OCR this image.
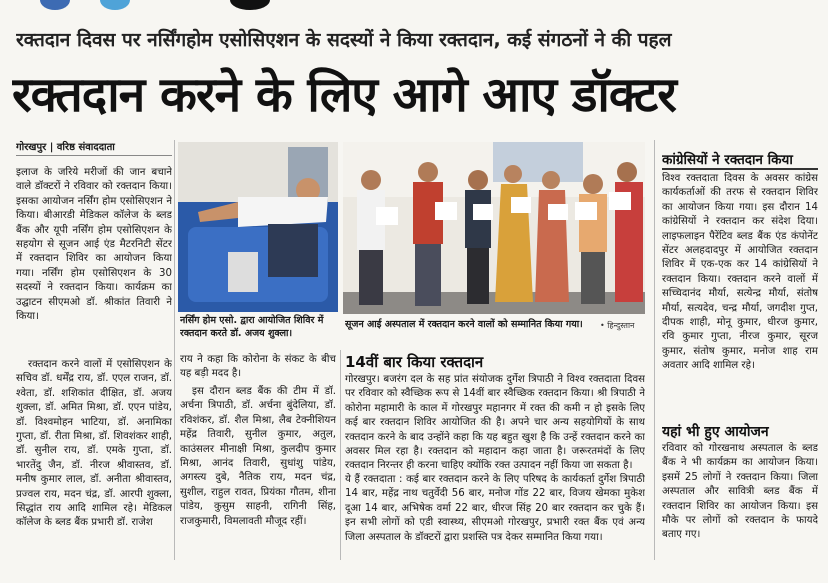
रक्तदान दिवस पर नर्सिंगहोम एसोसिएशन के सदस्यों ने किया रक्तदान, कई संगठनों ने की पहल
रक्तदान करने के लिए आगे आए डॉक्टर
गोरखपुर | वरिष्ठ संवाददाता
इलाज के जरिये मरीजों की जान बचाने वाले डॉक्टरों ने रविवार को रक्तदान किया। इसका आयोजन नर्सिंग होम एसोसिएशन ने किया। बीआरडी मेडिकल कॉलेज के ब्लड बैंक और यूपी नर्सिंग होम एसोसिएशन के सहयोग से सूजन आई एंड मैटरनिटी सेंटर में रक्तदान शिविर का आयोजन किया गया। नर्सिंग होम एसोसिएशन के 30 सदस्यों ने रक्तदान किया। कार्यक्रम का उद्घाटन सीएमओ डॉ. श्रीकांत तिवारी ने किया।
रक्तदान करने वालों में एसोसिएशन के सचिव डॉ. धर्मेंद्र राय, डॉ. एएल राजन, डॉ. श्वेता, डॉ. शशिकांत दीक्षित, डॉ. अजय शुक्ला, डॉ. अमित मिश्रा, डॉ. एएन पांडेय, डॉ. विश्वमोहन भाटिया, डॉ. अनामिका गुप्ता, डॉ. रीता मिश्रा, डॉ. शिवशंकर शाही, डॉ. सुनील राय, डॉ. एमके गुप्ता, डॉ. भारतेंदु जैन, डॉ. नीरज श्रीवास्तव, डॉ. मनीष कुमार लाल, डॉ. अनीता श्रीवास्तव, प्रज्वल राय, मदन चंद्र, डॉ. आरपी शुक्ला, सिद्धांत राय आदि शामिल रहे। मेडिकल कॉलेज के ब्लड बैंक प्रभारी डॉ. राजेश
नर्सिंग होम एसो. द्वारा आयोजित शिविर में रक्तदान करते डॉ. अजय शुक्ला।
राय ने कहा कि कोरोना के संकट के बीच यह बड़ी मदद है।
इस दौरान ब्लड बैंक की टीम में डॉ. अर्चना त्रिपाठी, डॉ. अर्चना बुंदेलिया, डॉ. रविशंकर, डॉ. शैल मिश्रा, लैब टेक्नीशियन महेंद्र तिवारी, सुनील कुमार, अतुल, काउंसलर मीनाक्षी मिश्रा, कुलदीप कुमार मिश्रा, आनंद तिवारी, सुधांशु पांडेय, अगस्त्य दुबे, नैतिक राय, मदन चंद्र, सुशील, राहुल रावत, प्रियंका गौतम, शीना पांडेय, कुसुम साहनी, रागिनी सिंह, राजकुमारी, विमलावती मौजूद रहीं।
सूजन आई अस्पताल में रक्तदान करने वालों को सम्मानित किया गया।	• हिन्दुस्तान
14वीं बार किया रक्तदान
गोरखपुर। बजरंग दल के सह प्रांत संयोजक दुर्गेश त्रिपाठी ने विश्व रक्तदाता दिवस पर रविवार को स्वैच्छिक रूप से 14वीं बार स्वैच्छिक रक्तदान किया। श्री त्रिपाठी ने कोरोना महामारी के काल में गोरखपुर महानगर में रक्त की कमी न हो इसके लिए कई बार रक्तदान शिविर आयोजित की है। अपने चार अन्य सहयोगियों के साथ रक्तदान करने के बाद उन्होंने कहा कि यह बहुत खुश है कि उन्हें रक्तदान करने का अवसर मिल रहा है। रक्तदान को महादान कहा जाता है। जरूरतमंदों के लिए रक्तदान निरन्तर ही करना चाहिए क्योंकि रक्त उत्पादन नहीं किया जा सकता है।
ये हैं रक्तदाता : कई बार रक्तदान करने के लिए परिषद के कार्यकर्ता दुर्गेश त्रिपाठी 14 बार, महेंद्र नाथ चतुर्वेदी 56 बार, मनोज गोंड 22 बार, विजय खेमका मुकेश दूआ 14 बार, अभिषेक वर्मा 22 बार, धीरज सिंह 20 बार रक्तदान कर चुके हैं। इन सभी लोगों को एडी स्वास्थ्य, सीएमओ गोरखपुर, प्रभारी रक्त बैंक एवं अन्य जिला अस्पताल के डॉक्टरों द्वारा प्रशस्ति पत्र देकर सम्मानित किया गया।
कांग्रेसियों ने रक्तदान किया
विश्व रक्तदाता दिवस के अवसर कांग्रेस कार्यकर्ताओं की तरफ से रक्तदान शिविर का आयोजन किया गया। इस दौरान 14 कांग्रेसियों ने रक्तदान कर संदेश दिया। लाइफलाइन पैरेंटिव ब्लड बैंक एंड कंपोनेंट सेंटर अलहदादपुर में आयोजित रक्तदान शिविर में एक-एक कर 14 कांग्रेसियों ने रक्तदान किया। रक्तदान करने वालों में सच्चिदानंद मौर्या, सत्येन्द्र मौर्या, संतोष मौर्या, सत्यदेव, चन्द्र मौर्या, जगदीश गुप्त, दीपक शाही, मोनू कुमार, धीरज कुमार, रवि कुमार गुप्ता, नीरज कुमार, सूरज कुमार, संतोष कुमार, मनोज शाह राम अवतार आदि शामिल रहे।
यहां भी हुए आयोजन
रविवार को गोरखनाथ अस्पताल के ब्लड बैंक ने भी कार्यक्रम का आयोजन किया। इसमें 25 लोगों ने रक्तदान किया। जिला अस्पताल और सावित्री ब्लड बैंक में रक्तदान शिविर का आयोजन किया। इस मौके पर लोगों को रक्तदान के फायदे बताए गए।
